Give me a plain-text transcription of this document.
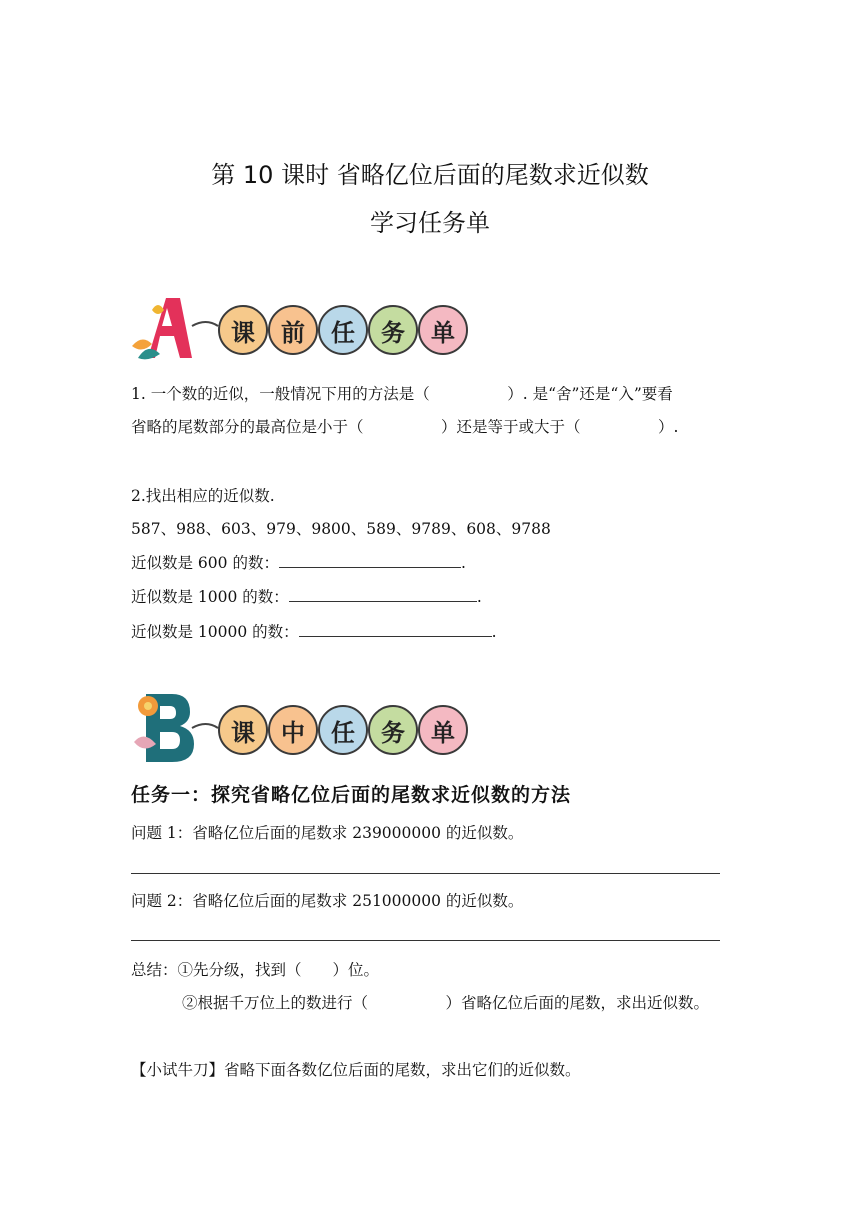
第 10 课时 省略亿位后面的尾数求近似数
学习任务单
课	前	任	务	单
1. 一个数的近似，一般情况下用的方法是（　　　　　）. 是“舍”还是“入”要看
省略的尾数部分的最高位是小于（　　　　　）还是等于或大于（　　　　　）.
2.找出相应的近似数.
587、988、603、979、9800、589、9789、608、9788
近似数是 600 的数：	.
近似数是 1000 的数：	.
近似数是 10000 的数：	.
课	中	任	务	单
任务一：探究省略亿位后面的尾数求近似数的方法
问题 1：省略亿位后面的尾数求 239000000 的近似数。
问题 2：省略亿位后面的尾数求 251000000 的近似数。
总结：①先分级，找到（　　）位。
②根据千万位上的数进行（　　　　　）省略亿位后面的尾数，求出近似数。
【小试牛刀】省略下面各数亿位后面的尾数，求出它们的近似数。
